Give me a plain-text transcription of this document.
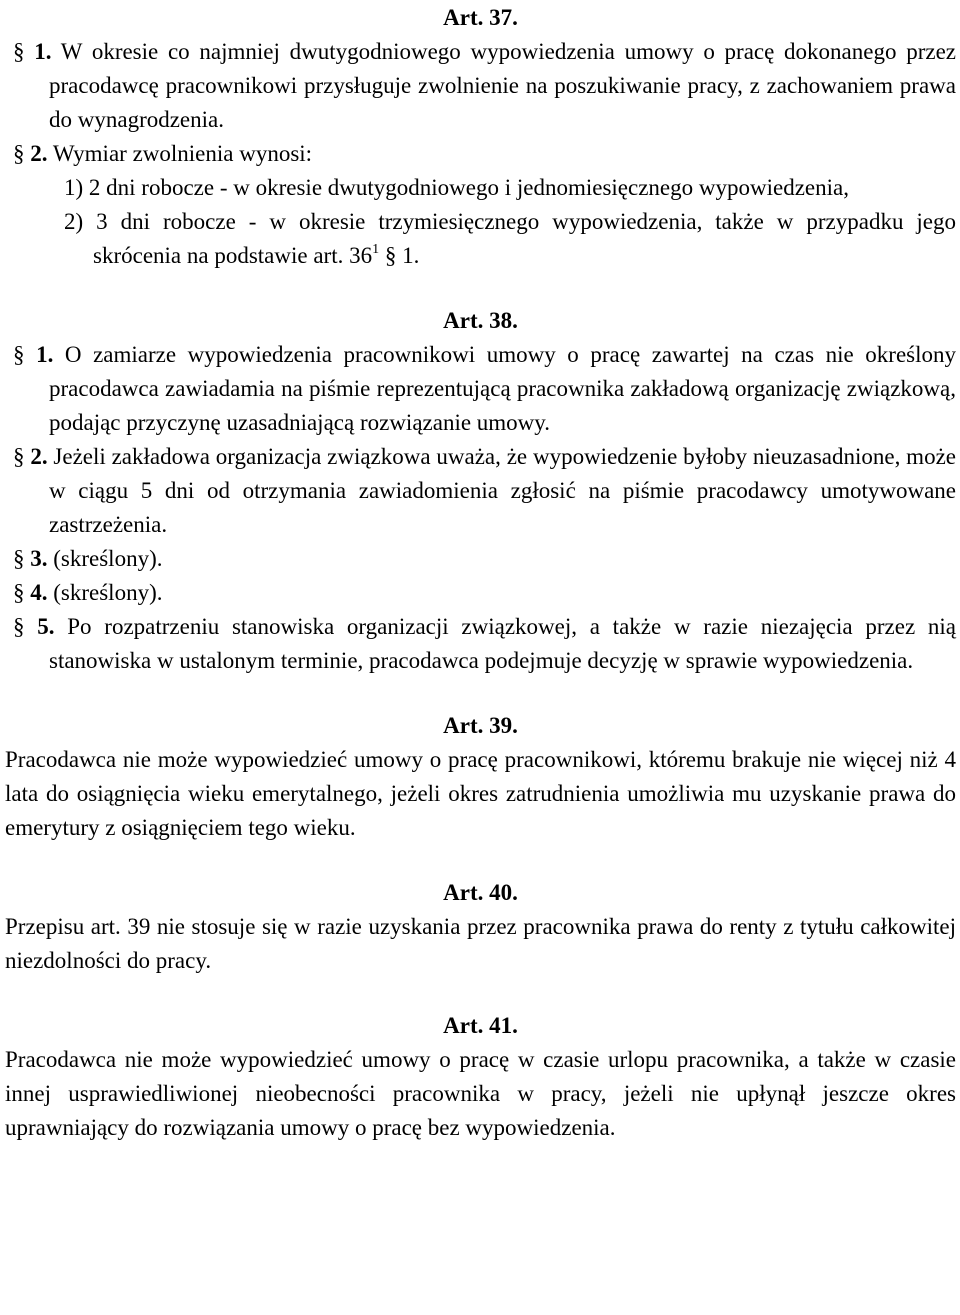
Art. 37.

§ 1. W okresie co najmniej dwutygodniowego wypowiedzenia umowy o pracę dokonanego przez pracodawcę pracownikowi przysługuje zwolnienie na poszukiwanie pracy, z zachowaniem prawa do wynagrodzenia.

§ 2. Wymiar zwolnienia wynosi:

1) 2 dni robocze - w okresie dwutygodniowego i jednomiesięcznego wypowiedzenia,

2) 3 dni robocze - w okresie trzymiesięcznego wypowiedzenia, także w przypadku jego skrócenia na podstawie art. $36^1$ § 1.

Art. 38.

§ 1. O zamiarze wypowiedzenia pracownikowi umowy o pracę zawartej na czas nie określony pracodawca zawiadamia na piśmie reprezentującą pracownika zakładową organizację związkową, podając przyczynę uzasadniającą rozwiązanie umowy.

§ 2. Jeżeli zakładowa organizacja związkowa uważa, że wypowiedzenie byłoby nieuzasadnione, może w ciągu 5 dni od otrzymania zawiadomienia zgłosić na piśmie pracodawcy umotywowane zastrzeżenia.

§ 3. (skreślony).

§ 4. (skreślony).

§ 5. Po rozpatrzeniu stanowiska organizacji związkowej, a także w razie niezajęcia przez nią stanowiska w ustalonym terminie, pracodawca podejmuje decyzję w sprawie wypowiedzenia.

Art. 39.

Pracodawca nie może wypowiedzieć umowy o pracę pracownikowi, któremu brakuje nie więcej niż 4 lata do osiągnięcia wieku emerytalnego, jeżeli okres zatrudnienia umożliwia mu uzyskanie prawa do emerytury z osiągnięciem tego wieku.

Art. 40.

Przepisu art. 39 nie stosuje się w razie uzyskania przez pracownika prawa do renty z tytułu całkowitej niezdolności do pracy.

Art. 41.

Pracodawca nie może wypowiedzieć umowy o pracę w czasie urlopu pracownika, a także w czasie innej usprawiedliwionej nieobecności pracownika w pracy, jeżeli nie upłynął jeszcze okres uprawniający do rozwiązania umowy o pracę bez wypowiedzenia.
